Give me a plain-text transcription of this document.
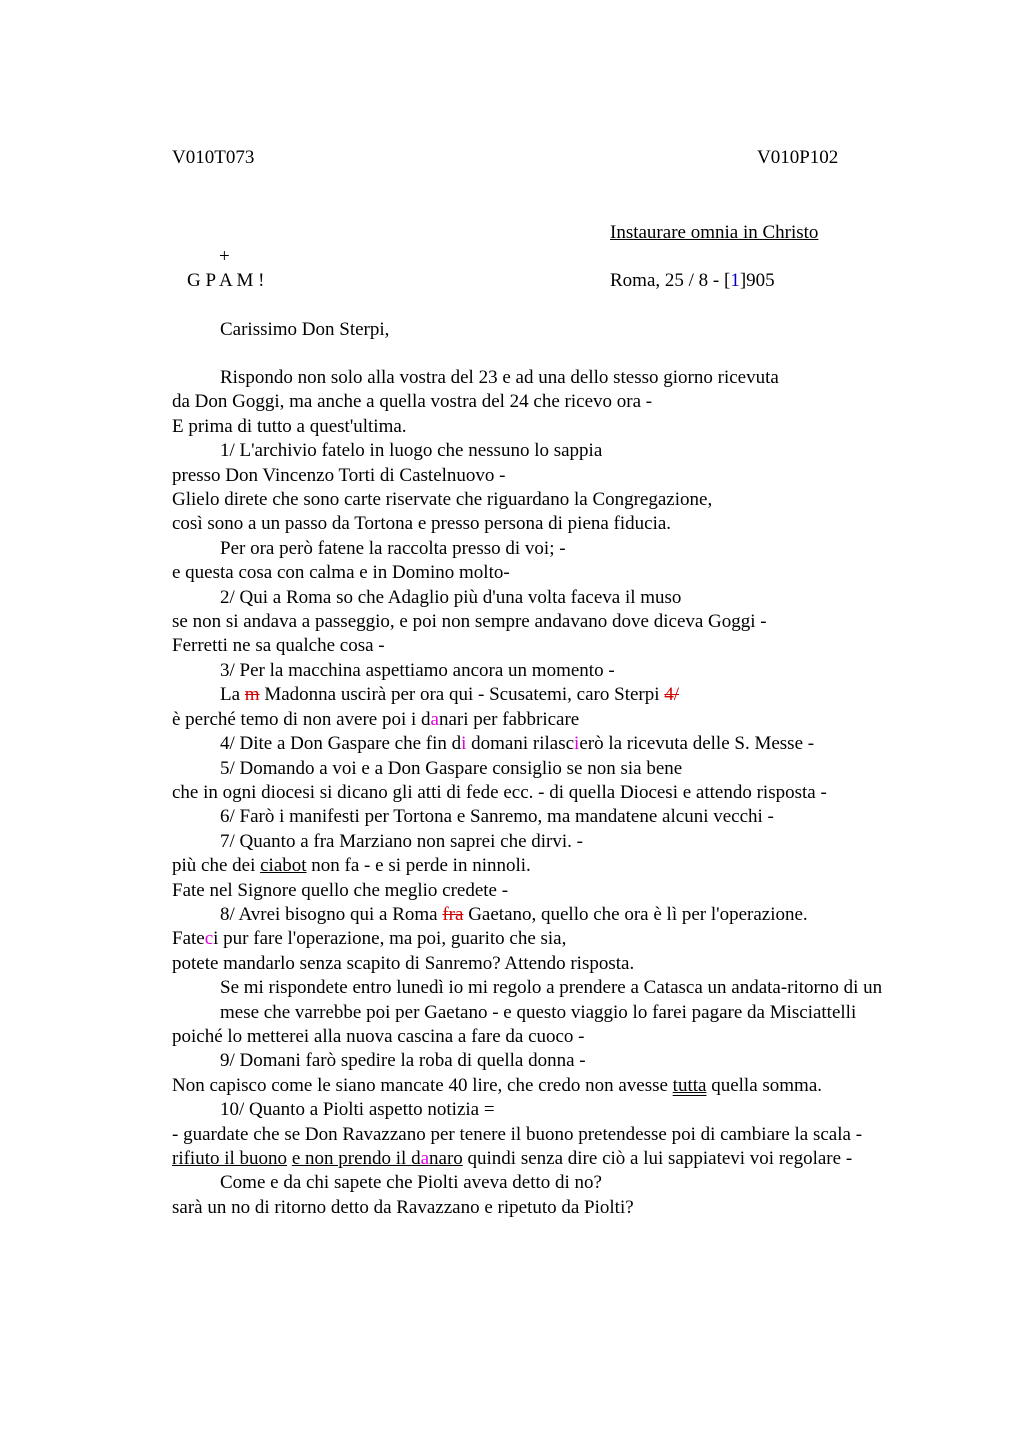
V010T073	V010P102
Instaurare omnia in Christo
+
G P A M !	Roma, 25 / 8 - [1]905
Carissimo Don Sterpi,
Rispondo non solo alla vostra del 23 e ad una dello stesso giorno ricevuta
da Don Goggi, ma anche a quella vostra del 24 che ricevo ora -
E prima di tutto a quest'ultima.
1/ L'archivio fatelo in luogo che nessuno lo sappia
presso Don Vincenzo Torti di Castelnuovo -
Glielo direte che sono carte riservate che riguardano la Congregazione,
così sono a un passo da Tortona e presso persona di piena fiducia.
Per ora però fatene la raccolta presso di voi; -
e questa cosa con calma e in Domino molto-
2/ Qui a Roma so che Adaglio più d'una volta faceva il muso
se non si andava a passeggio, e poi non sempre andavano dove diceva Goggi -
Ferretti ne sa qualche cosa -
3/ Per la macchina aspettiamo ancora un momento -
La m Madonna uscirà per ora qui - Scusatemi, caro Sterpi 4/
è perché temo di non avere poi i danari per fabbricare
4/ Dite a Don Gaspare che fin di domani rilascierò la ricevuta delle S. Messe -
5/ Domando a voi e a Don Gaspare consiglio se non sia bene
che in ogni diocesi si dicano gli atti di fede ecc. - di quella Diocesi e attendo risposta -
6/ Farò i manifesti per Tortona e Sanremo, ma mandatene alcuni vecchi -
7/ Quanto a fra Marziano non saprei che dirvi. -
più che dei ciabot non fa - e si perde in ninnoli.
Fate nel Signore quello che meglio credete -
8/ Avrei bisogno qui a Roma fra Gaetano, quello che ora è lì per l'operazione.
Fateci pur fare l'operazione, ma poi, guarito che sia,
potete mandarlo senza scapito di Sanremo? Attendo risposta.
Se mi rispondete entro lunedì io mi regolo a prendere a Catasca un andata-ritorno di un mese che varrebbe poi per Gaetano - e questo viaggio lo farei pagare da Misciattelli
poiché lo metterei alla nuova cascina a fare da cuoco -
9/ Domani farò spedire la roba di quella donna -
Non capisco come le siano mancate 40 lire, che credo non avesse tutta quella somma.
10/ Quanto a Piolti aspetto notizia =
- guardate che se Don Ravazzano per tenere il buono pretendesse poi di cambiare la scala -
rifiuto il buono e non prendo il danaro quindi senza dire ciò a lui sappiatevi voi regolare -
Come e da chi sapete che Piolti aveva detto di no?
sarà un no di ritorno detto da Ravazzano e ripetuto da Piolti?
